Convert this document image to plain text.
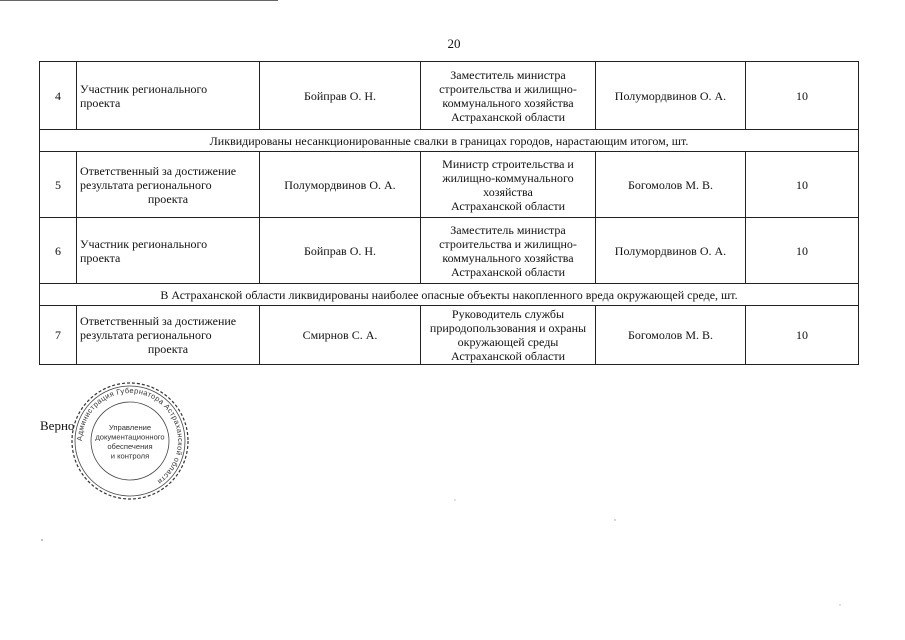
20
4	Участник регионального
проекта	Бойправ О. Н.	Заместитель министра
строительства и жилищно-
коммунального хозяйства
Астраханской области	Полумордвинов О. А.	10
Ликвидированы несанкционированные свалки в границах городов, нарастающим итогом, шт.					
5	Ответственный за достижение
результата регионального
проекта	Полумордвинов О. А.	Министр строительства и
жилищно-коммунального
хозяйства
Астраханской области	Богомолов М. В.	10
6	Участник регионального
проекта	Бойправ О. Н.	Заместитель министра
строительства и жилищно-
коммунального хозяйства
Астраханской области	Полумордвинов О. А.	10
В Астраханской области ликвидированы наиболее опасные объекты накопленного вреда окружающей среде, шт.					
7	Ответственный за достижение
результата регионального
проекта	Смирнов С. А.	Руководитель службы
природопользования и охраны
окружающей среды
Астраханской области	Богомолов М. В.	10
Верно
Администрация Губернатора Астраханской области
Управление
документационного
обеспечения
и контроля
